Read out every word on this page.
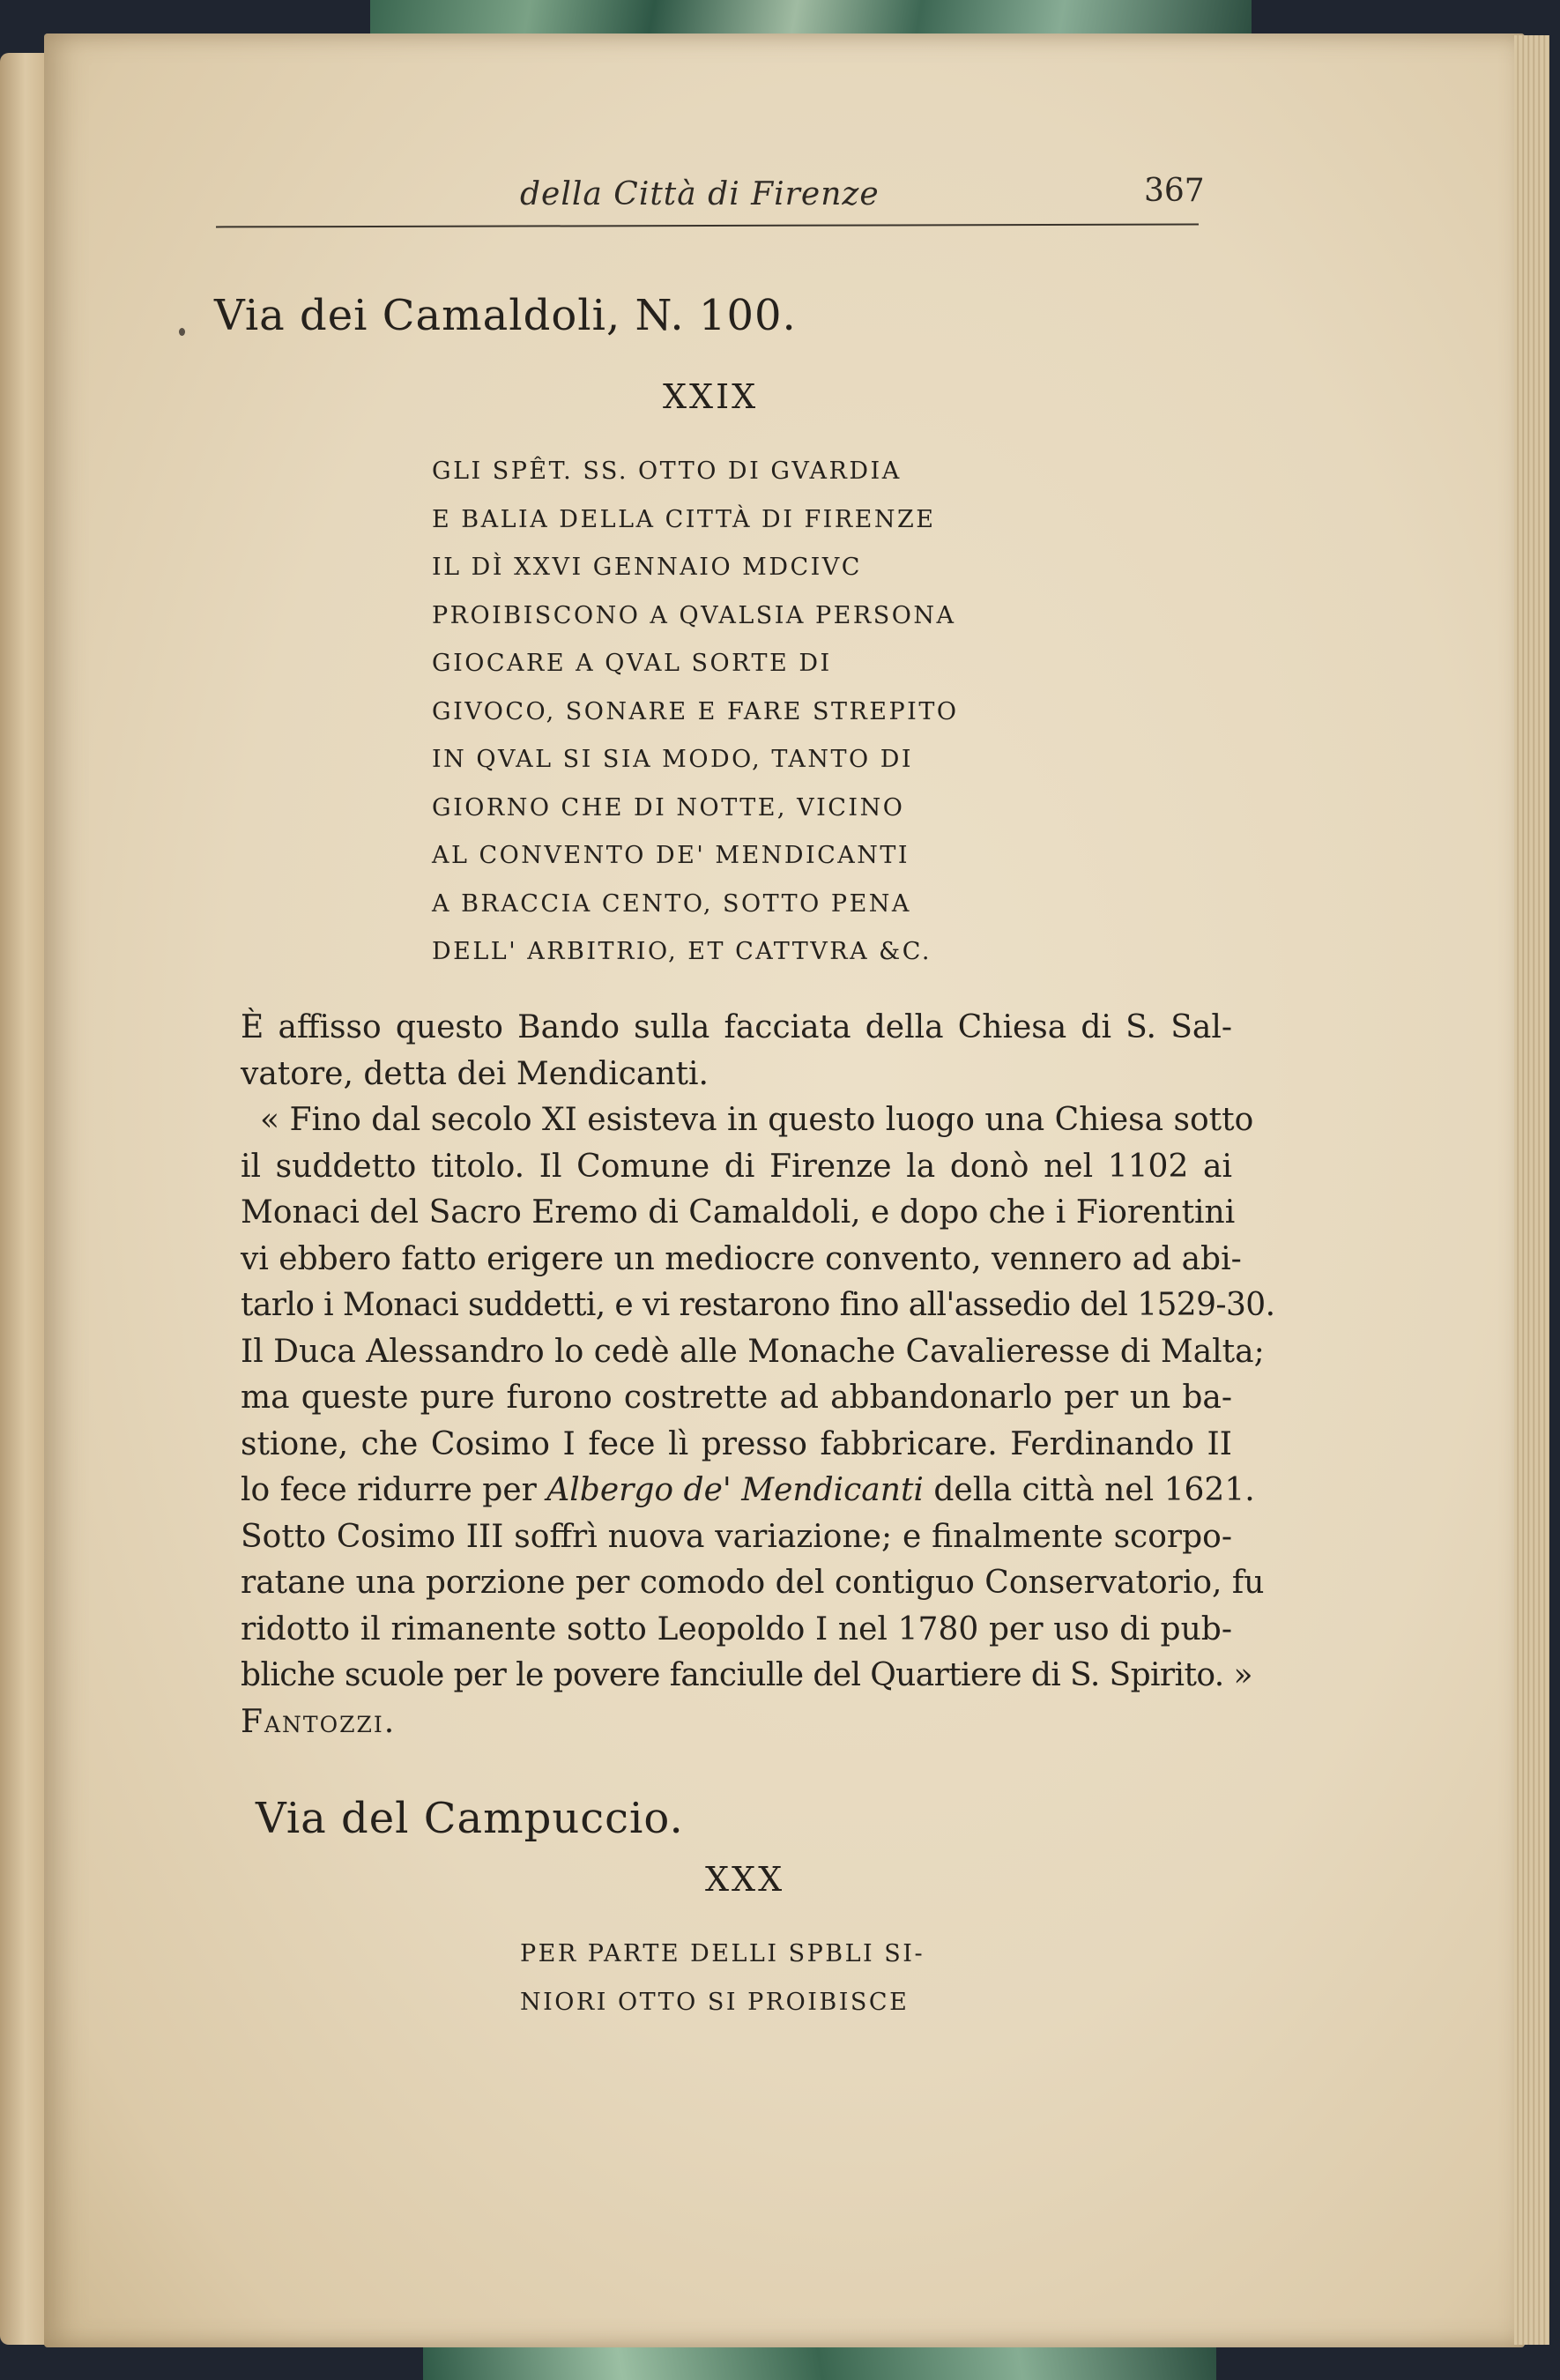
della Città di Firenze	367
Via dei Camaldoli, N. 100.
XXIX
GLI SPÊT. SS. OTTO DI GVARDIA
E BALIA DELLA CITTÀ DI FIRENZE
IL DÌ XXVI GENNAIO MDCIVC
PROIBISCONO A QVALSIA PERSONA
GIOCARE A QVAL SORTE DI
GIVOCO, SONARE E FARE STREPITO
IN QVAL SI SIA MODO, TANTO DI
GIORNO CHE DI NOTTE, VICINO
AL CONVENTO DE' MENDICANTI
A BRACCIA CENTO, SOTTO PENA
DELL' ARBITRIO, ET CATTVRA &C.
È affisso questo Bando sulla facciata della Chiesa di S. Sal-
vatore, detta dei Mendicanti.
« Fino dal secolo XI esisteva in questo luogo una Chiesa sotto
il suddetto titolo. Il Comune di Firenze la donò nel 1102 ai
Monaci del Sacro Eremo di Camaldoli, e dopo che i Fiorentini
vi ebbero fatto erigere un mediocre convento, vennero ad abi-
tarlo i Monaci suddetti, e vi restarono fino all'assedio del 1529-30.
Il Duca Alessandro lo cedè alle Monache Cavalieresse di Malta;
ma queste pure furono costrette ad abbandonarlo per un ba-
stione, che Cosimo I fece lì presso fabbricare. Ferdinando II
lo fece ridurre per Albergo de' Mendicanti della città nel 1621.
Sotto Cosimo III soffrì nuova variazione; e finalmente scorpo-
ratane una porzione per comodo del contiguo Conservatorio, fu
ridotto il rimanente sotto Leopoldo I nel 1780 per uso di pub-
bliche scuole per le povere fanciulle del Quartiere di S. Spirito. »
Fantozzi.
Via del Campuccio.
XXX
PER PARTE DELLI SPBLI SI-
NIORI OTTO SI PROIBISCE
